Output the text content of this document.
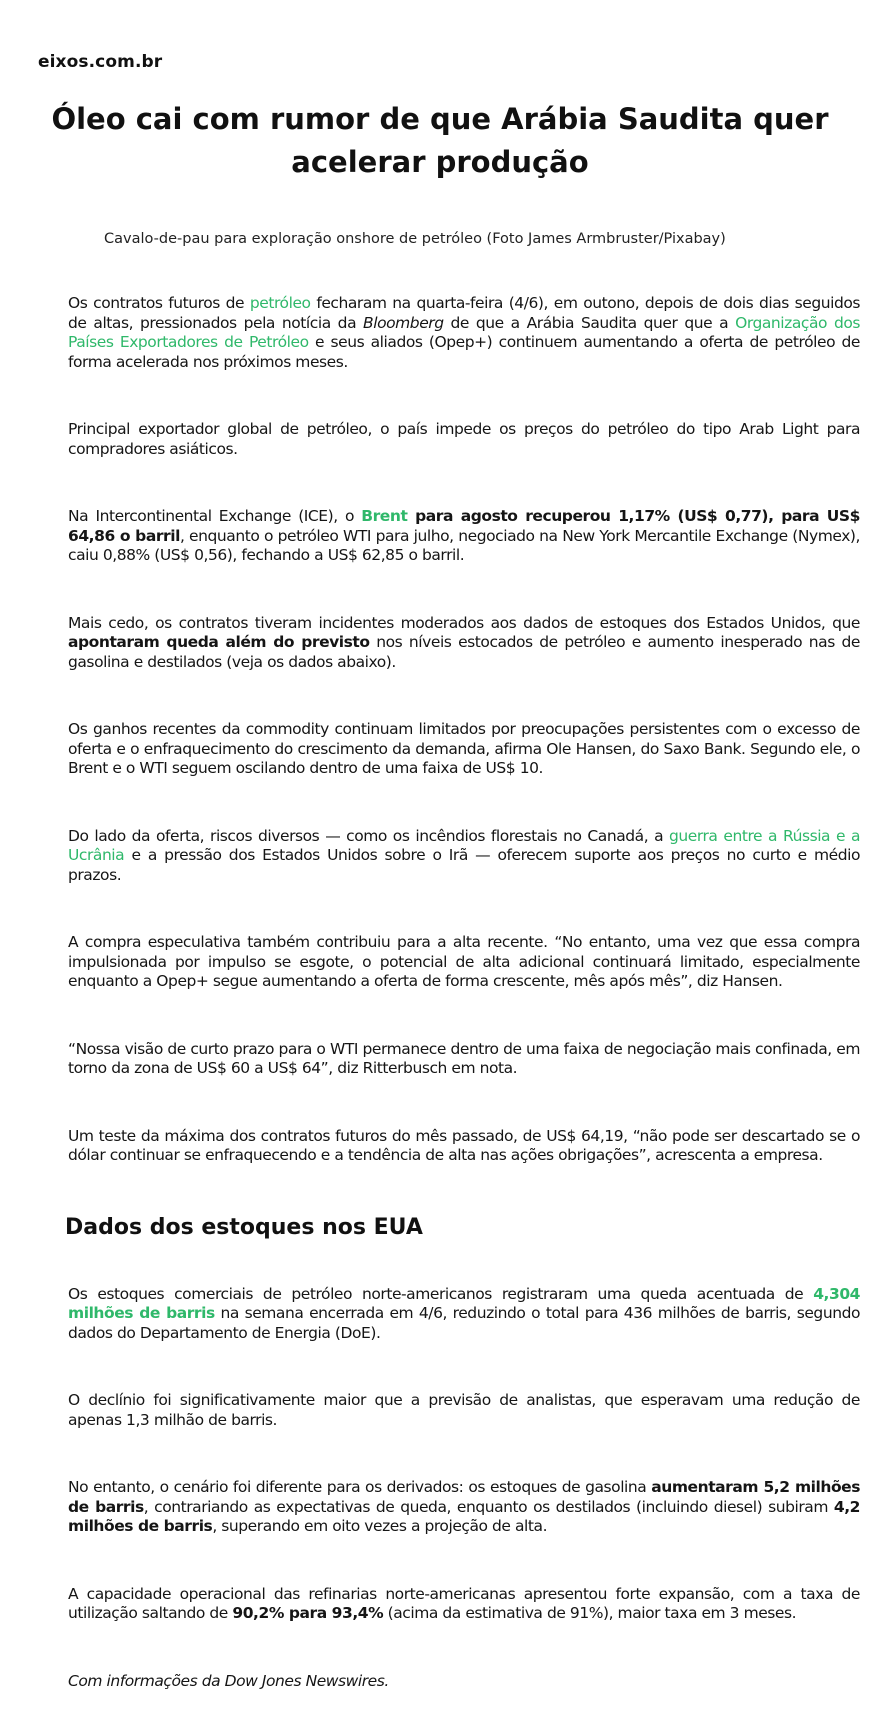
eixos.com.br
Óleo cai com rumor de que Arábia Saudita quer acelerar produção
Cavalo-de-pau para exploração onshore de petróleo (Foto James Armbruster/Pixabay)

Os contratos futuros de petróleo fecharam na quarta-feira (4/6), em outono, depois de dois dias seguidos de altas, pressionados pela notícia da Bloomberg de que a Arábia Saudita quer que a Organização dos Países Exportadores de Petróleo e seus aliados (Opep+) continuem aumentando a oferta de petróleo de forma acelerada nos próximos meses.

Principal exportador global de petróleo, o país impede os preços do petróleo do tipo Arab Light para compradores asiáticos.

Na Intercontinental Exchange (ICE), o Brent para agosto recuperou 1,17% (US$ 0,77), para US$ 64,86 o barril, enquanto o petróleo WTI para julho, negociado na New York Mercantile Exchange (Nymex), caiu 0,88% (US$ 0,56), fechando a US$ 62,85 o barril.

Mais cedo, os contratos tiveram incidentes moderados aos dados de estoques dos Estados Unidos, que apontaram queda além do previsto nos níveis estocados de petróleo e aumento inesperado nas de gasolina e destilados (veja os dados abaixo).

Os ganhos recentes da commodity continuam limitados por preocupações persistentes com o excesso de oferta e o enfraquecimento do crescimento da demanda, afirma Ole Hansen, do Saxo Bank. Segundo ele, o Brent e o WTI seguem oscilando dentro de uma faixa de US$ 10.

Do lado da oferta, riscos diversos — como os incêndios florestais no Canadá, a guerra entre a Rússia e a Ucrânia e a pressão dos Estados Unidos sobre o Irã — oferecem suporte aos preços no curto e médio prazos.

A compra especulativa também contribuiu para a alta recente. “No entanto, uma vez que essa compra impulsionada por impulso se esgote, o potencial de alta adicional continuará limitado, especialmente enquanto a Opep+ segue aumentando a oferta de forma crescente, mês após mês”, diz Hansen.

“Nossa visão de curto prazo para o WTI permanece dentro de uma faixa de negociação mais confinada, em torno da zona de US$ 60 a US$ 64”, diz Ritterbusch em nota.

Um teste da máxima dos contratos futuros do mês passado, de US$ 64,19, “não pode ser descartado se o dólar continuar se enfraquecendo e a tendência de alta nas ações obrigações”, acrescenta a empresa.

Dados dos estoques nos EUA

Os estoques comerciais de petróleo norte-americanos registraram uma queda acentuada de 4,304 milhões de barris na semana encerrada em 4/6, reduzindo o total para 436 milhões de barris, segundo dados do Departamento de Energia (DoE).

O declínio foi significativamente maior que a previsão de analistas, que esperavam uma redução de apenas 1,3 milhão de barris.

No entanto, o cenário foi diferente para os derivados: os estoques de gasolina aumentaram 5,2 milhões de barris, contrariando as expectativas de queda, enquanto os destilados (incluindo diesel) subiram 4,2 milhões de barris, superando em oito vezes a projeção de alta.

A capacidade operacional das refinarias norte-americanas apresentou forte expansão, com a taxa de utilização saltando de 90,2% para 93,4% (acima da estimativa de 91%), maior taxa em 3 meses.

Com informações da Dow Jones Newswires.
